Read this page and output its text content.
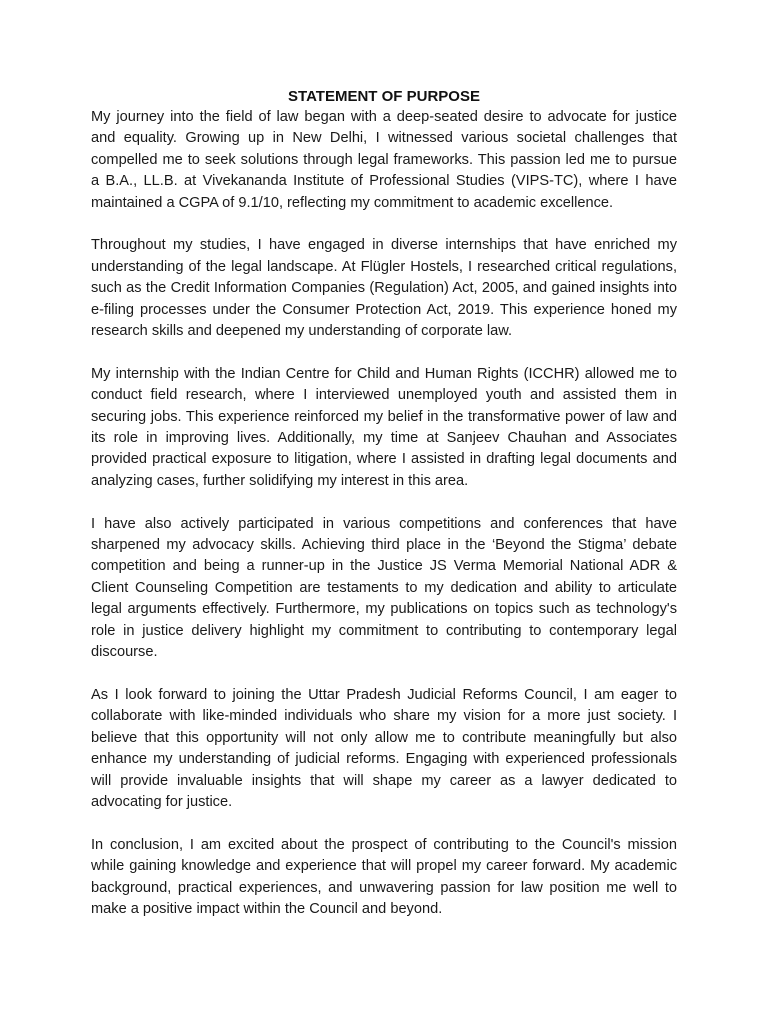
STATEMENT OF PURPOSE

My journey into the field of law began with a deep-seated desire to advocate for justice and equality. Growing up in New Delhi, I witnessed various societal challenges that compelled me to seek solutions through legal frameworks. This passion led me to pursue a B.A., LL.B. at Vivekananda Institute of Professional Studies (VIPS-TC), where I have maintained a CGPA of 9.1/10, reflecting my commitment to academic excellence.

Throughout my studies, I have engaged in diverse internships that have enriched my understanding of the legal landscape. At Flügler Hostels, I researched critical regulations, such as the Credit Information Companies (Regulation) Act, 2005, and gained insights into e-filing processes under the Consumer Protection Act, 2019. This experience honed my research skills and deepened my understanding of corporate law.

My internship with the Indian Centre for Child and Human Rights (ICCHR) allowed me to conduct field research, where I interviewed unemployed youth and assisted them in securing jobs. This experience reinforced my belief in the transformative power of law and its role in improving lives. Additionally, my time at Sanjeev Chauhan and Associates provided practical exposure to litigation, where I assisted in drafting legal documents and analyzing cases, further solidifying my interest in this area.

I have also actively participated in various competitions and conferences that have sharpened my advocacy skills. Achieving third place in the ‘Beyond the Stigma’ debate competition and being a runner-up in the Justice JS Verma Memorial National ADR & Client Counseling Competition are testaments to my dedication and ability to articulate legal arguments effectively. Furthermore, my publications on topics such as technology's role in justice delivery highlight my commitment to contributing to contemporary legal discourse.

As I look forward to joining the Uttar Pradesh Judicial Reforms Council, I am eager to collaborate with like-minded individuals who share my vision for a more just society. I believe that this opportunity will not only allow me to contribute meaningfully but also enhance my understanding of judicial reforms. Engaging with experienced professionals will provide invaluable insights that will shape my career as a lawyer dedicated to advocating for justice.

In conclusion, I am excited about the prospect of contributing to the Council's mission while gaining knowledge and experience that will propel my career forward. My academic background, practical experiences, and unwavering passion for law position me well to make a positive impact within the Council and beyond.
